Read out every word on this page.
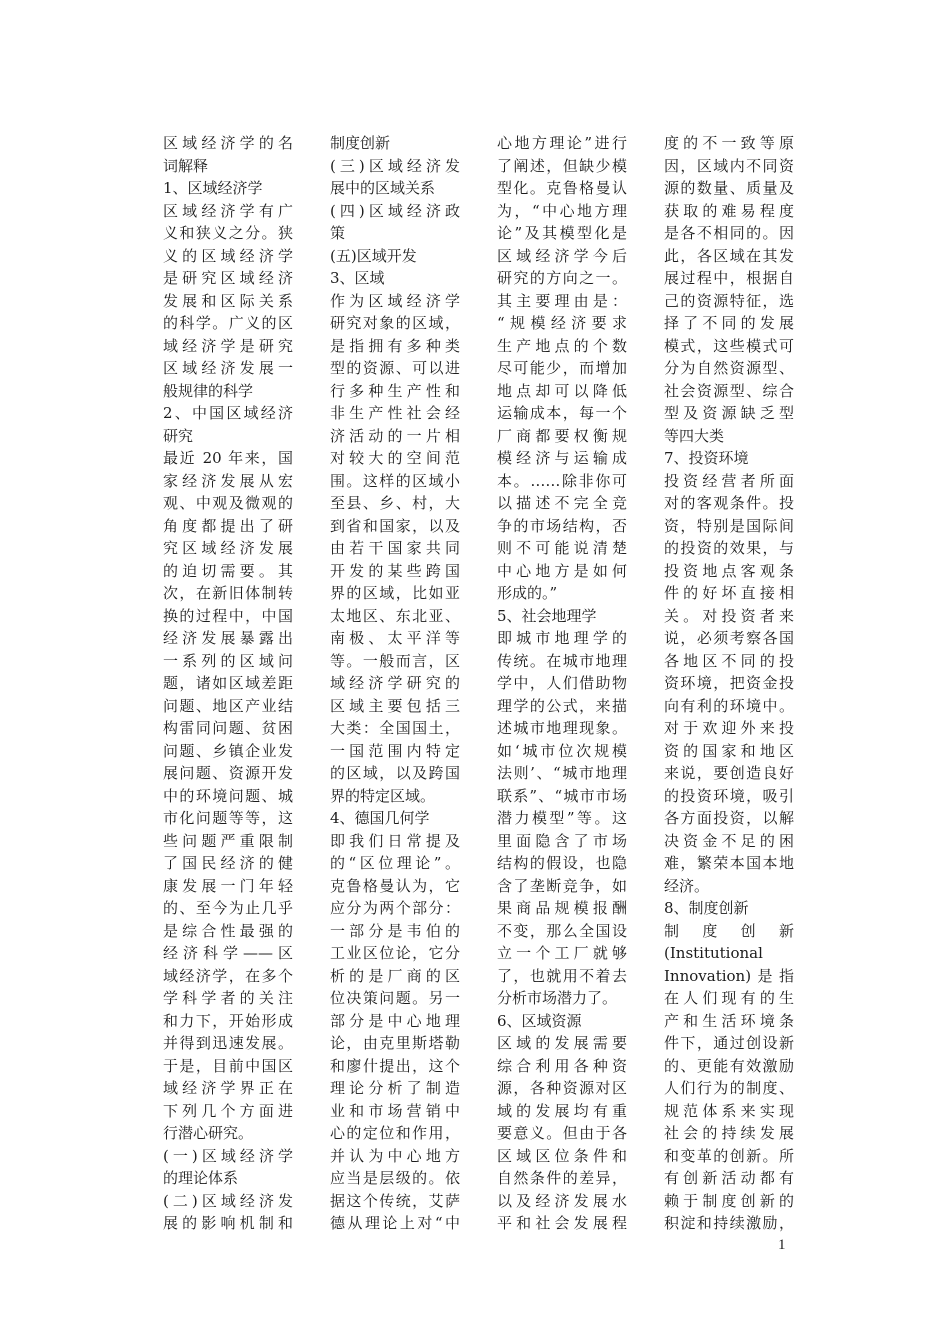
区域经济学的名
词解释
1、区域经济学
区域经济学有广
义和狭义之分。狭
义的区域经济学
是研究区域经济
发展和区际关系
的科学。广义的区
域经济学是研究
区域经济发展一
般规律的科学
2、中国区域经济
研究
最近 20 年来，国
家经济发展从宏
观、中观及微观的
角度都提出了研
究区域经济发展
的迫切需要。其
次，在新旧体制转
换的过程中，中国
经济发展暴露出
一系列的区域问
题，诸如区域差距
问题、地区产业结
构雷同问题、贫困
问题、乡镇企业发
展问题、资源开发
中的环境问题、城
市化问题等等，这
些问题严重限制
了国民经济的健
康发展一门年轻
的、至今为止几乎
是综合性最强的
经济科学——区
域经济学，在多个
学科学者的关注
和力下，开始形成
并得到迅速发展。
于是，目前中国区
域经济学界正在
下列几个方面进
行潜心研究。
(一)区域经济学
的理论体系
(二)区域经济发
展的影响机制和
制度创新
(三)区域经济发
展中的区域关系
(四)区域经济政
策
(五)区域开发
3、区域
作为区域经济学
研究对象的区域，
是指拥有多种类
型的资源、可以进
行多种生产性和
非生产性社会经
济活动的一片相
对较大的空间范
围。这样的区域小
至县、乡、村，大
到省和国家，以及
由若干国家共同
开发的某些跨国
界的区域，比如亚
太地区、东北亚、
南极、太平洋等
等。一般而言，区
域经济学研究的
区域主要包括三
大类：全国国土，
一国范围内特定
的区域，以及跨国
界的特定区域。
4、德国几何学
即我们日常提及
的“区位理论”。
克鲁格曼认为，它
应分为两个部分：
一部分是韦伯的
工业区位论，它分
析的是厂商的区
位决策问题。另一
部分是中心地理
论，由克里斯塔勒
和廖什提出，这个
理论分析了制造
业和市场营销中
心的定位和作用，
并认为中心地方
应当是层级的。依
据这个传统，艾萨
德从理论上对“中
心地方理论”进行
了阐述，但缺少模
型化。克鲁格曼认
为，“中心地方理
论”及其模型化是
区域经济学今后
研究的方向之一。
其主要理由是：
“规模经济要求
生产地点的个数
尽可能少，而增加
地点却可以降低
运输成本，每一个
厂商都要权衡规
模经济与运输成
本。……除非你可
以描述不完全竞
争的市场结构，否
则不可能说清楚
中心地方是如何
形成的。”
5、社会地理学
即城市地理学的
传统。在城市地理
学中，人们借助物
理学的公式，来描
述城市地理现象。
如‘城市位次规模
法则’、“城市地理
联系”、“城市市场
潜力模型”等。这
里面隐含了市场
结构的假设，也隐
含了垄断竞争，如
果商品规模报酬
不变，那么全国设
立一个工厂就够
了，也就用不着去
分析市场潜力了。
6、区域资源
区域的发展需要
综合利用各种资
源，各种资源对区
域的发展均有重
要意义。但由于各
区域区位条件和
自然条件的差异，
以及经济发展水
平和社会发展程
度的不一致等原
因，区域内不同资
源的数量、质量及
获取的难易程度
是各不相同的。因
此，各区域在其发
展过程中，根据自
己的资源特征，选
择了不同的发展
模式，这些模式可
分为自然资源型、
社会资源型、综合
型及资源缺乏型
等四大类
7、投资环境
投资经营者所面
对的客观条件。投
资，特别是国际间
的投资的效果，与
投资地点客观条
件的好坏直接相
关。对投资者来
说，必须考察各国
各地区不同的投
资环境，把资金投
向有利的环境中。
对于欢迎外来投
资的国家和地区
来说，要创造良好
的投资环境，吸引
各方面投资，以解
决资金不足的困
难，繁荣本国本地
经济。
8、制度创新
制 度 创 新
(Institutional
Innovation)是指
在人们现有的生
产和生活环境条
件下，通过创设新
的、更能有效激励
人们行为的制度、
规范体系来实现
社会的持续发展
和变革的创新。所
有创新活动都有
赖于制度创新的
积淀和持续激励，
1
